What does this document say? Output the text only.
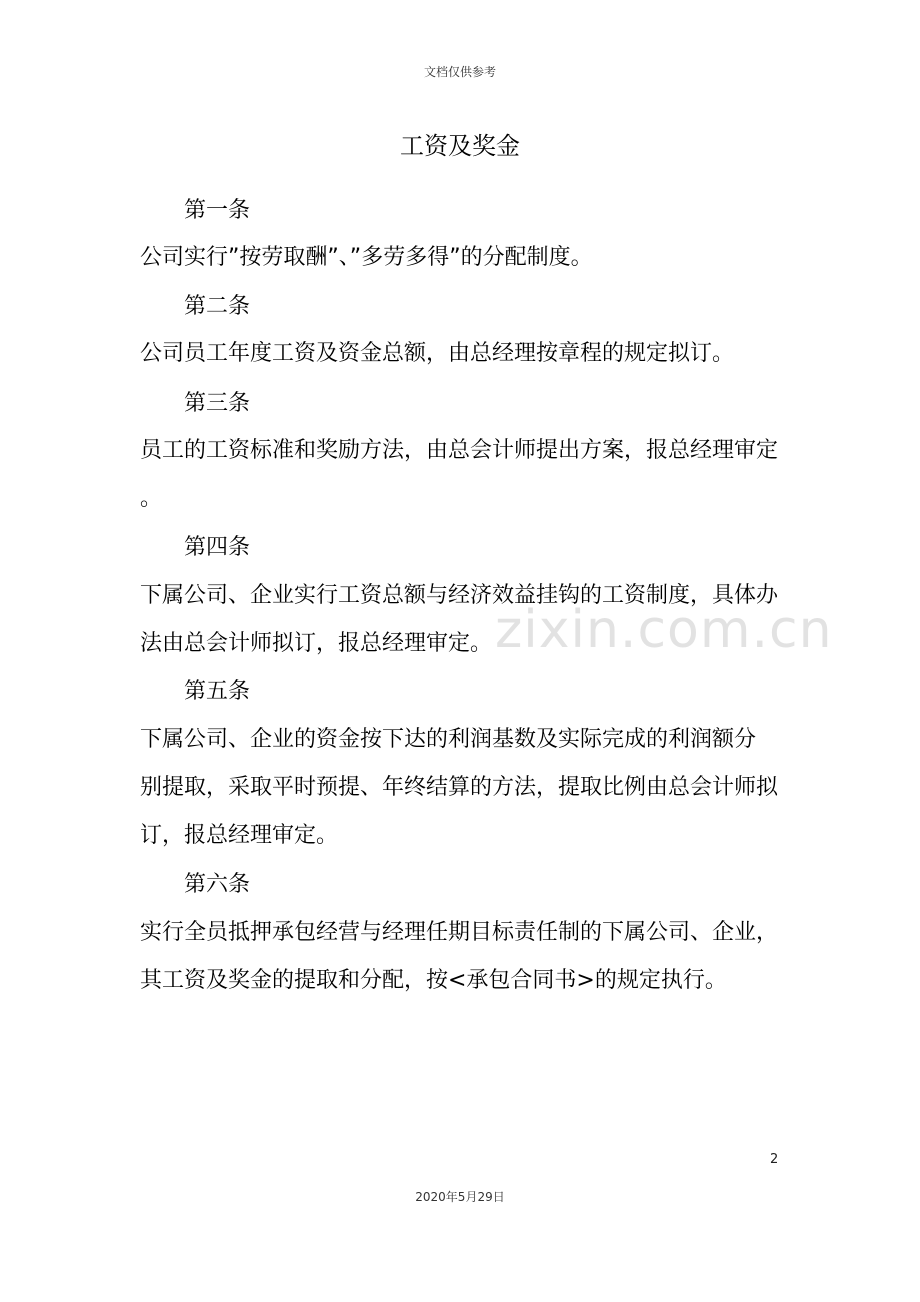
文档仅供参考
工资及奖金
zixin.com.cn
第一条
公司实行”按劳取酬”、”多劳多得”的分配制度。
第二条
公司员工年度工资及资金总额，由总经理按章程的规定拟订。
第三条
员工的工资标准和奖励方法，由总会计师提出方案，报总经理审定
。
第四条
下属公司、企业实行工资总额与经济效益挂钩的工资制度，具体办
法由总会计师拟订，报总经理审定。
第五条
下属公司、企业的资金按下达的利润基数及实际完成的利润额分
别提取，采取平时预提、年终结算的方法，提取比例由总会计师拟
订，报总经理审定。
第六条
实行全员抵押承包经营与经理任期目标责任制的下属公司、企业，
其工资及奖金的提取和分配，按<承包合同书>的规定执行。
2
2020年5月29日
